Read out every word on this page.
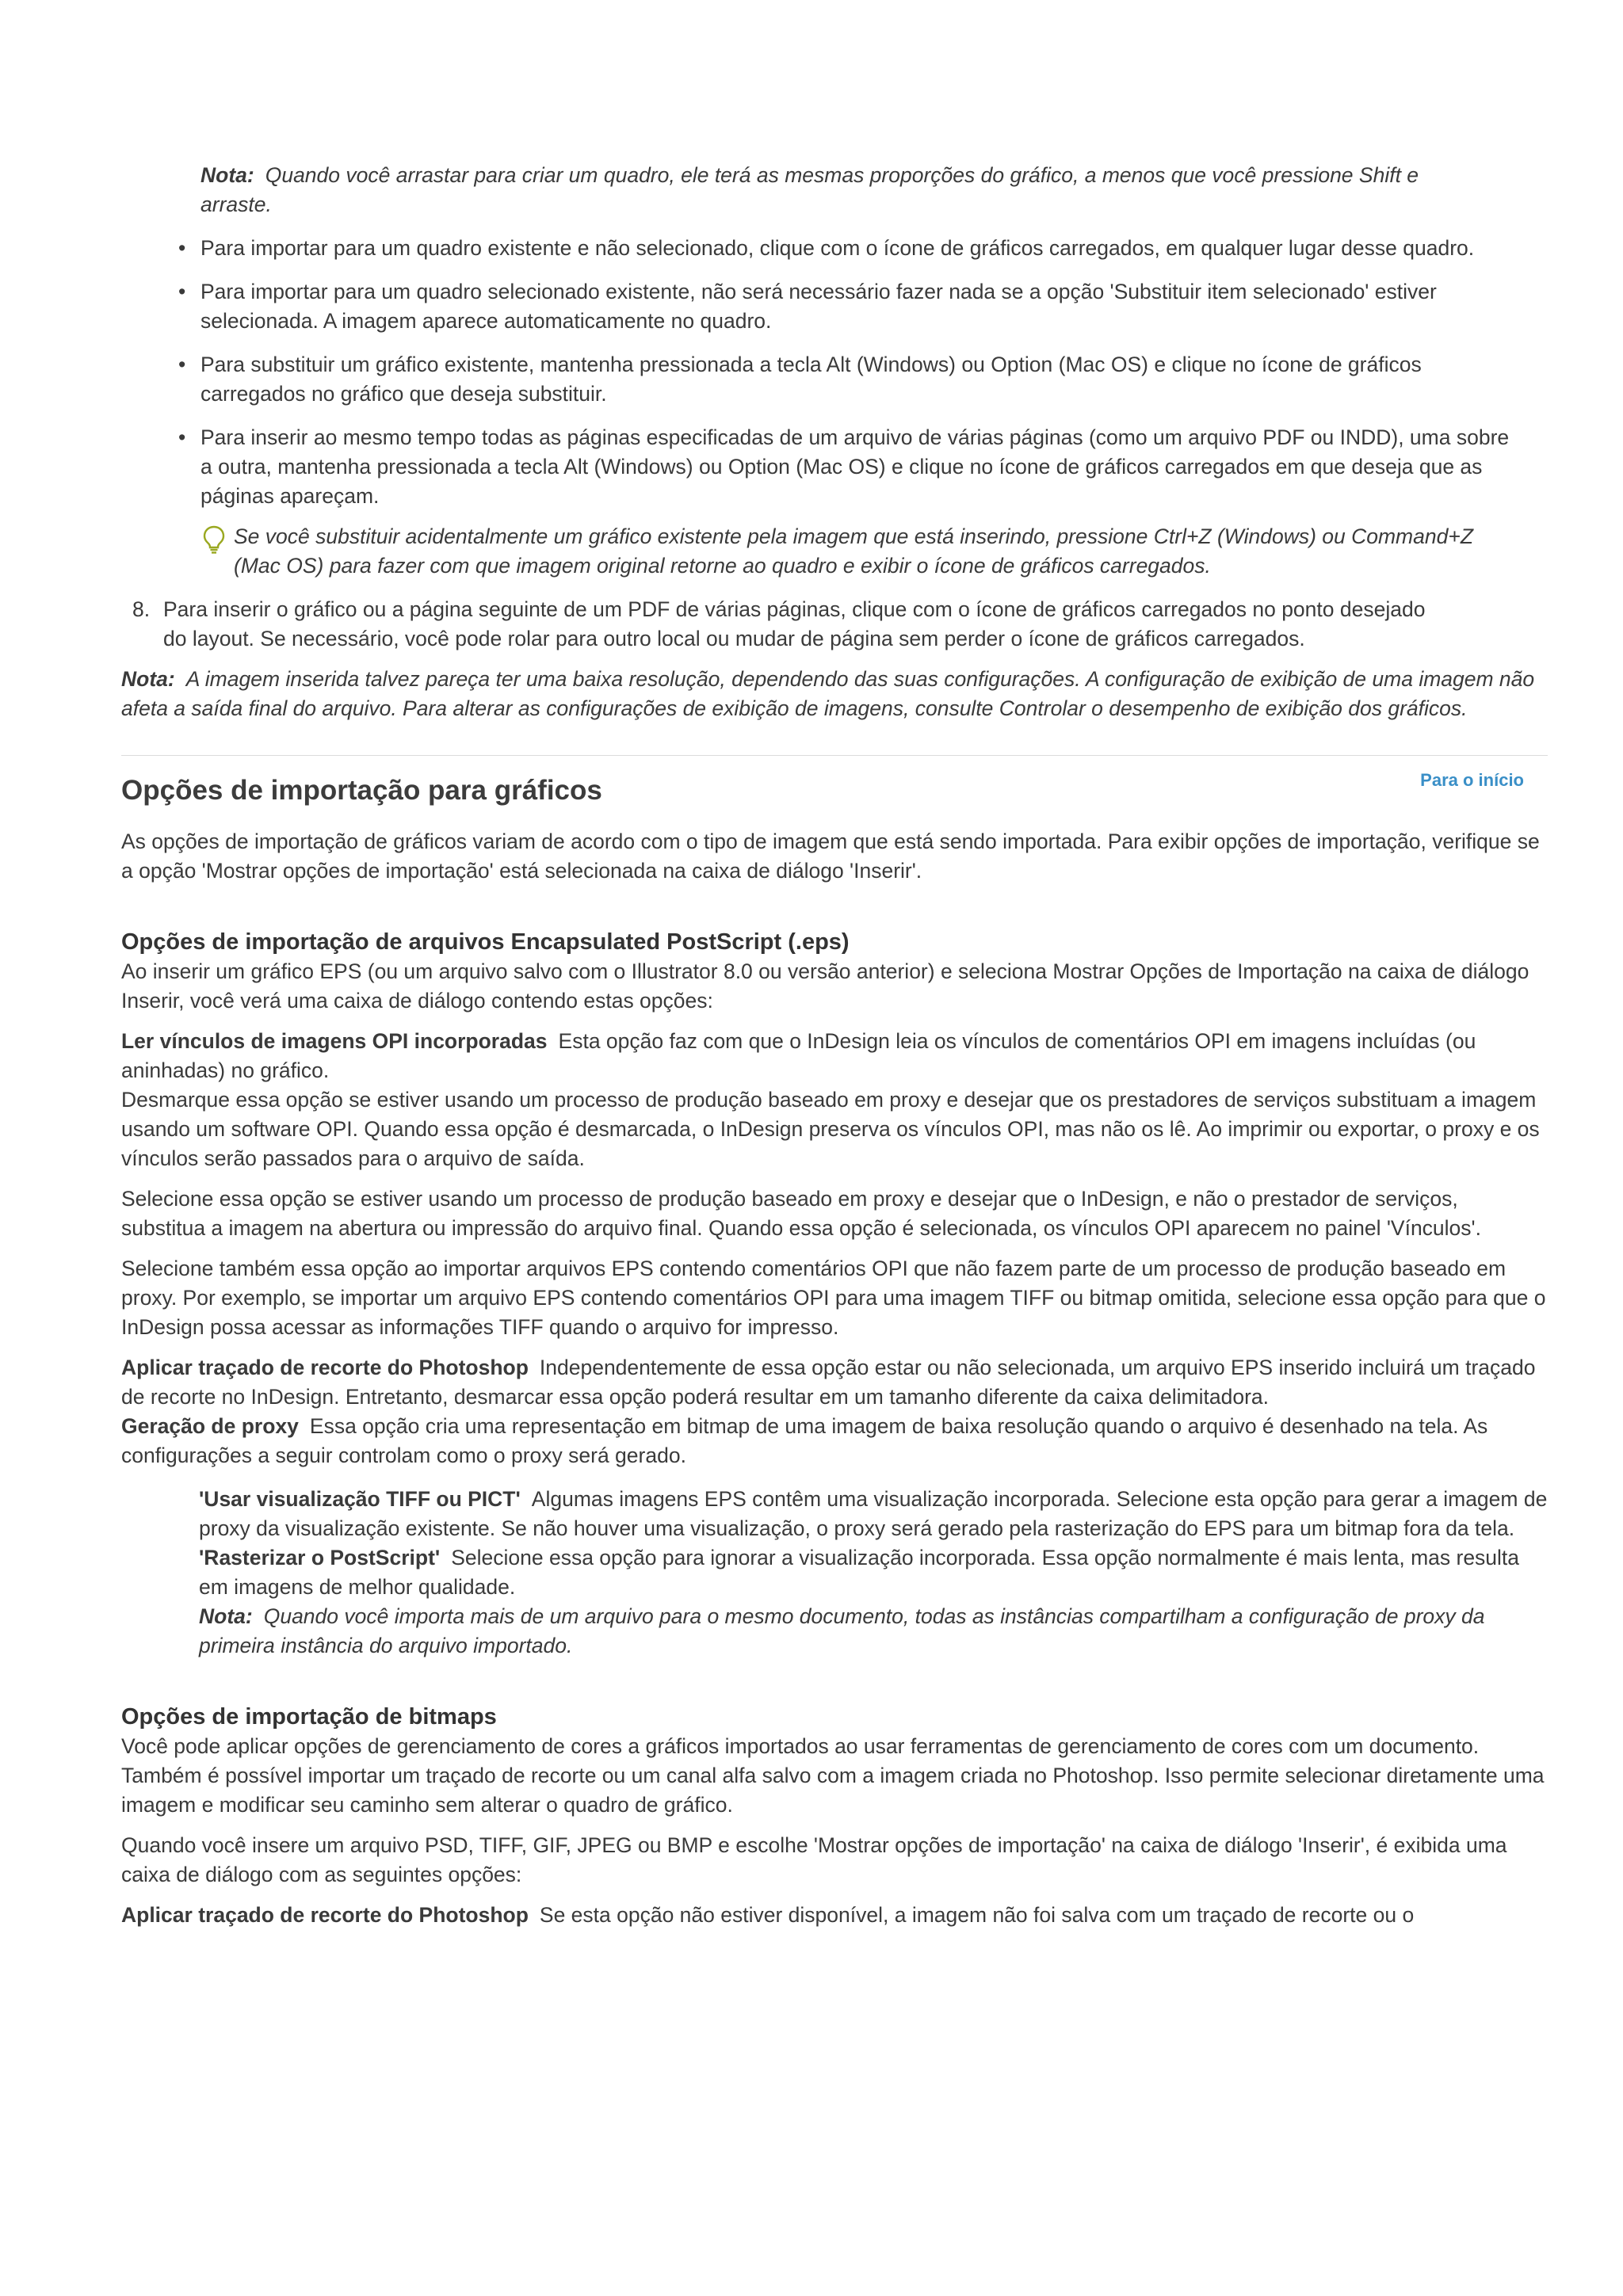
Nota: Quando você arrastar para criar um quadro, ele terá as mesmas proporções do gráfico, a menos que você pressione Shift e arraste.

• Para importar para um quadro existente e não selecionado, clique com o ícone de gráficos carregados, em qualquer lugar desse quadro.
• Para importar para um quadro selecionado existente, não será necessário fazer nada se a opção 'Substituir item selecionado' estiver selecionada. A imagem aparece automaticamente no quadro.
• Para substituir um gráfico existente, mantenha pressionada a tecla Alt (Windows) ou Option (Mac OS) e clique no ícone de gráficos carregados no gráfico que deseja substituir.
• Para inserir ao mesmo tempo todas as páginas especificadas de um arquivo de várias páginas (como um arquivo PDF ou INDD), uma sobre a outra, mantenha pressionada a tecla Alt (Windows) ou Option (Mac OS) e clique no ícone de gráficos carregados em que deseja que as páginas apareçam.
Se você substituir acidentalmente um gráfico existente pela imagem que está inserindo, pressione Ctrl+Z (Windows) ou Command+Z (Mac OS) para fazer com que imagem original retorne ao quadro e exibir o ícone de gráficos carregados.
8. Para inserir o gráfico ou a página seguinte de um PDF de várias páginas, clique com o ícone de gráficos carregados no ponto desejado do layout. Se necessário, você pode rolar para outro local ou mudar de página sem perder o ícone de gráficos carregados.

Nota: A imagem inserida talvez pareça ter uma baixa resolução, dependendo das suas configurações. A configuração de exibição de uma imagem não afeta a saída final do arquivo. Para alterar as configurações de exibição de imagens, consulte Controlar o desempenho de exibição dos gráficos.

Opções de importação para gráficos	Para o início

As opções de importação de gráficos variam de acordo com o tipo de imagem que está sendo importada. Para exibir opções de importação, verifique se a opção 'Mostrar opções de importação' está selecionada na caixa de diálogo 'Inserir'.

Opções de importação de arquivos Encapsulated PostScript (.eps)

Ao inserir um gráfico EPS (ou um arquivo salvo com o Illustrator 8.0 ou versão anterior) e seleciona Mostrar Opções de Importação na caixa de diálogo Inserir, você verá uma caixa de diálogo contendo estas opções:

Ler vínculos de imagens OPI incorporadas Esta opção faz com que o InDesign leia os vínculos de comentários OPI em imagens incluídas (ou aninhadas) no gráfico.

Desmarque essa opção se estiver usando um processo de produção baseado em proxy e desejar que os prestadores de serviços substituam a imagem usando um software OPI. Quando essa opção é desmarcada, o InDesign preserva os vínculos OPI, mas não os lê. Ao imprimir ou exportar, o proxy e os vínculos serão passados para o arquivo de saída.

Selecione essa opção se estiver usando um processo de produção baseado em proxy e desejar que o InDesign, e não o prestador de serviços, substitua a imagem na abertura ou impressão do arquivo final. Quando essa opção é selecionada, os vínculos OPI aparecem no painel 'Vínculos'.

Selecione também essa opção ao importar arquivos EPS contendo comentários OPI que não fazem parte de um processo de produção baseado em proxy. Por exemplo, se importar um arquivo EPS contendo comentários OPI para uma imagem TIFF ou bitmap omitida, selecione essa opção para que o InDesign possa acessar as informações TIFF quando o arquivo for impresso.

Aplicar traçado de recorte do Photoshop Independentemente de essa opção estar ou não selecionada, um arquivo EPS inserido incluirá um traçado de recorte no InDesign. Entretanto, desmarcar essa opção poderá resultar em um tamanho diferente da caixa delimitadora.

Geração de proxy Essa opção cria uma representação em bitmap de uma imagem de baixa resolução quando o arquivo é desenhado na tela. As configurações a seguir controlam como o proxy será gerado.

'Usar visualização TIFF ou PICT' Algumas imagens EPS contêm uma visualização incorporada. Selecione esta opção para gerar a imagem de proxy da visualização existente. Se não houver uma visualização, o proxy será gerado pela rasterização do EPS para um bitmap fora da tela.

'Rasterizar o PostScript' Selecione essa opção para ignorar a visualização incorporada. Essa opção normalmente é mais lenta, mas resulta em imagens de melhor qualidade.

Nota: Quando você importa mais de um arquivo para o mesmo documento, todas as instâncias compartilham a configuração de proxy da primeira instância do arquivo importado.

Opções de importação de bitmaps

Você pode aplicar opções de gerenciamento de cores a gráficos importados ao usar ferramentas de gerenciamento de cores com um documento. Também é possível importar um traçado de recorte ou um canal alfa salvo com a imagem criada no Photoshop. Isso permite selecionar diretamente uma imagem e modificar seu caminho sem alterar o quadro de gráfico.

Quando você insere um arquivo PSD, TIFF, GIF, JPEG ou BMP e escolhe 'Mostrar opções de importação' na caixa de diálogo 'Inserir', é exibida uma caixa de diálogo com as seguintes opções:

Aplicar traçado de recorte do Photoshop Se esta opção não estiver disponível, a imagem não foi salva com um traçado de recorte ou o
